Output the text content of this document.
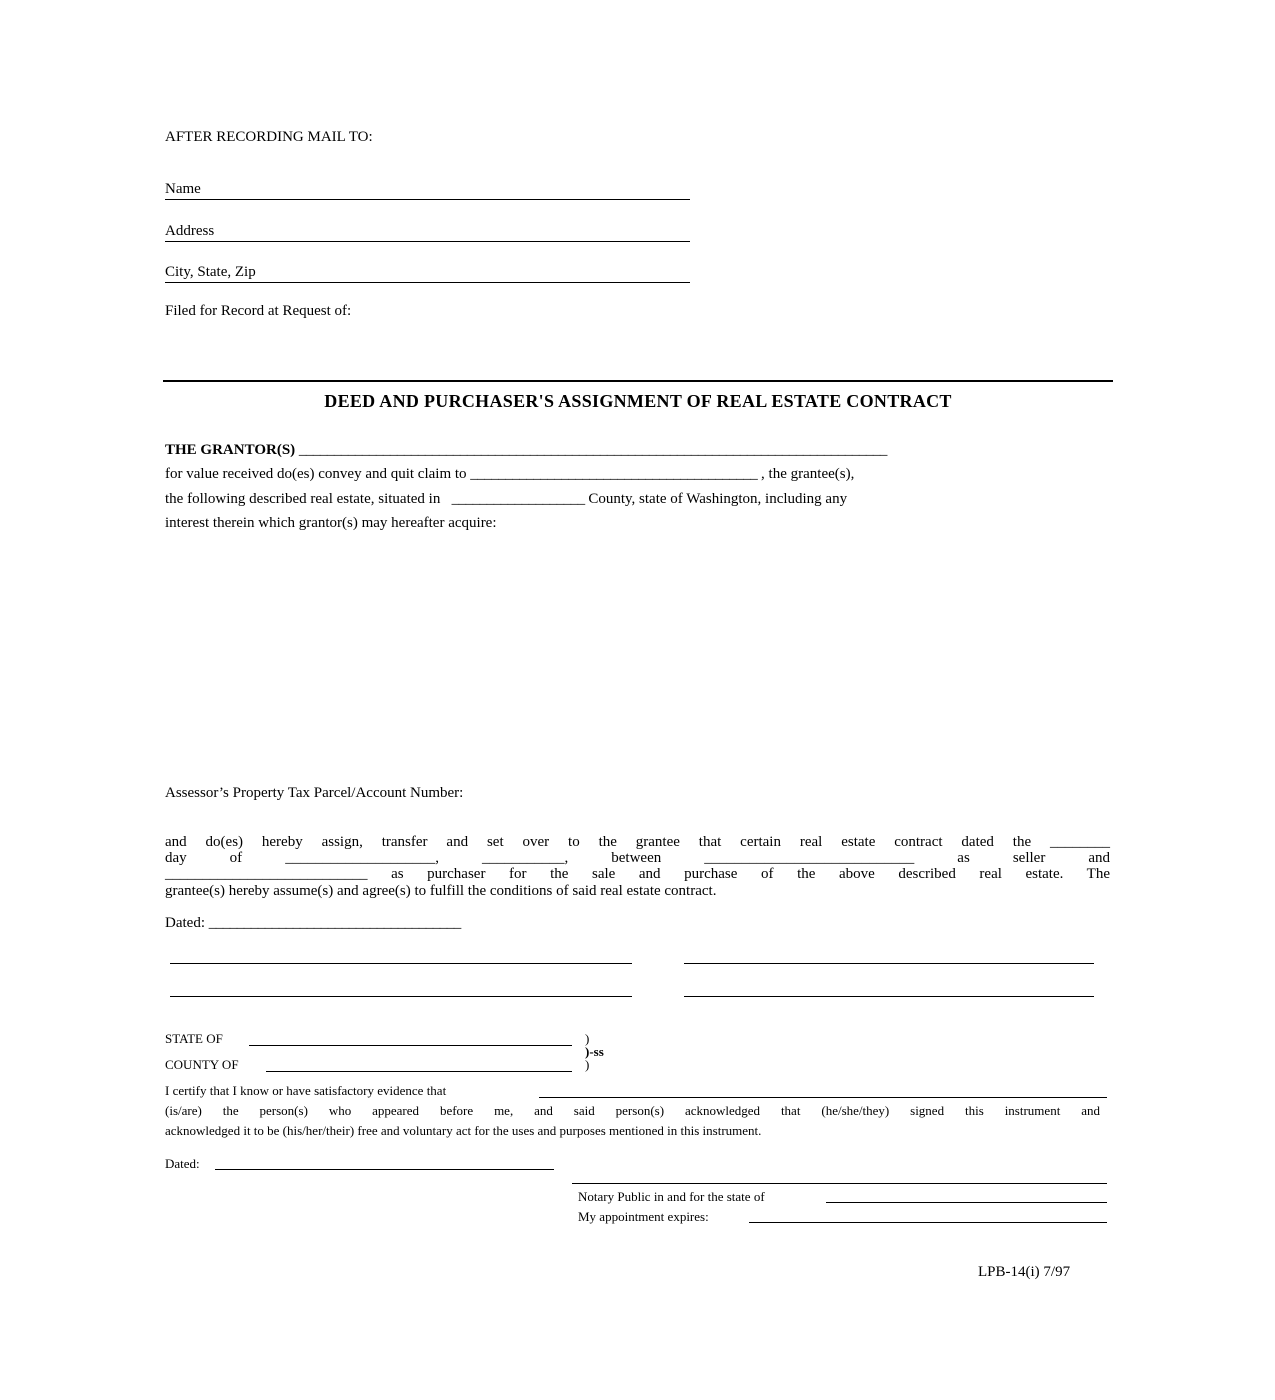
AFTER RECORDING MAIL TO:
Name
Address
City, State, Zip
Filed for Record at Request of:
DEED AND PURCHASER'S ASSIGNMENT OF REAL ESTATE CONTRACT
THE GRANTOR(S) ____________________________________________________________________________________
for value received do(es) convey and quit claim to _________________________________________ , the grantee(s),
the following described real estate, situated in ___________________ County, state of Washington, including any
interest therein which grantor(s) may hereafter acquire:
Assessor’s Property Tax Parcel/Account Number:
and do(es) hereby assign, transfer and set over to the grantee that certain real estate contract dated the ________
day of ____________________, ___________, between ____________________________ as seller and
___________________________ as purchaser for the sale and purchase of the above described real estate. The
grantee(s) hereby assume(s) and agree(s) to fulfill the conditions of said real estate contract.
Dated: ____________________________________
STATE OF	)
)-ss
COUNTY OF	)
I certify that I know or have satisfactory evidence that
(is/are) the person(s) who appeared before me, and said person(s) acknowledged that (he/she/they) signed this instrument and
acknowledged it to be (his/her/their) free and voluntary act for the uses and purposes mentioned in this instrument.
Dated:
Notary Public in and for the state of
My appointment expires:
LPB-14(i) 7/97
